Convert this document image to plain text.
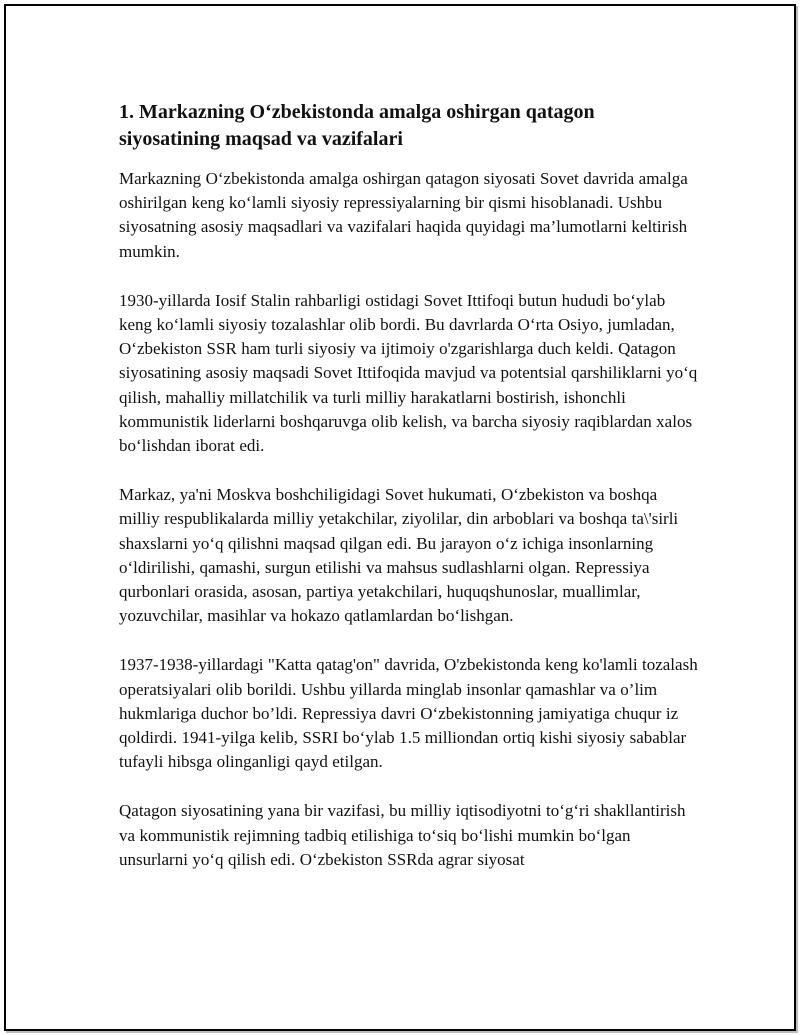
1. Markazning O‘zbekistonda amalga oshirgan qatagon siyosatining maqsad va vazifalari

Markazning O‘zbekistonda amalga oshirgan qatagon siyosati Sovet davrida amalga oshirilgan keng ko‘lamli siyosiy repressiyalarning bir qismi hisoblanadi. Ushbu siyosatning asosiy maqsadlari va vazifalari haqida quyidagi ma’lumotlarni keltirish mumkin.

1930-yillarda Iosif Stalin rahbarligi ostidagi Sovet Ittifoqi butun hududi bo‘ylab keng ko‘lamli siyosiy tozalashlar olib bordi. Bu davrlarda O‘rta Osiyo, jumladan, O‘zbekiston SSR ham turli siyosiy va ijtimoiy o'zgarishlarga duch keldi. Qatagon siyosatining asosiy maqsadi Sovet Ittifoqida mavjud va potentsial qarshiliklarni yo‘q qilish, mahalliy millatchilik va turli milliy harakatlarni bostirish, ishonchli kommunistik liderlarni boshqaruvga olib kelish, va barcha siyosiy raqiblardan xalos bo‘lishdan iborat edi.

Markaz, ya'ni Moskva boshchiligidagi Sovet hukumati, O‘zbekiston va boshqa milliy respublikalarda milliy yetakchilar, ziyolilar, din arboblari va boshqa ta\'sirli shaxslarni yo‘q qilishni maqsad qilgan edi. Bu jarayon o‘z ichiga insonlarning o‘ldirilishi, qamashi, surgun etilishi va mahsus sudlashlarni olgan. Repressiya qurbonlari orasida, asosan, partiya yetakchilari, huquqshunoslar, muallimlar, yozuvchilar, masihlar va hokazo qatlamlardan bo‘lishgan.

1937-1938-yillardagi "Katta qatag'on" davrida, O'zbekistonda keng ko'lamli tozalash operatsiyalari olib borildi. Ushbu yillarda minglab insonlar qamashlar va o’lim hukmlariga duchor bo’ldi. Repressiya davri O‘zbekistonning jamiyatiga chuqur iz qoldirdi. 1941-yilga kelib, SSRI bo‘ylab 1.5 milliondan ortiq kishi siyosiy sabablar tufayli hibsga olinganligi qayd etilgan.

Qatagon siyosatining yana bir vazifasi, bu milliy iqtisodiyotni to‘g‘ri shakllantirish va kommunistik rejimning tadbiq etilishiga to‘siq bo‘lishi mumkin bo‘lgan unsurlarni yo‘q qilish edi. O‘zbekiston SSRda agrar siyosat
